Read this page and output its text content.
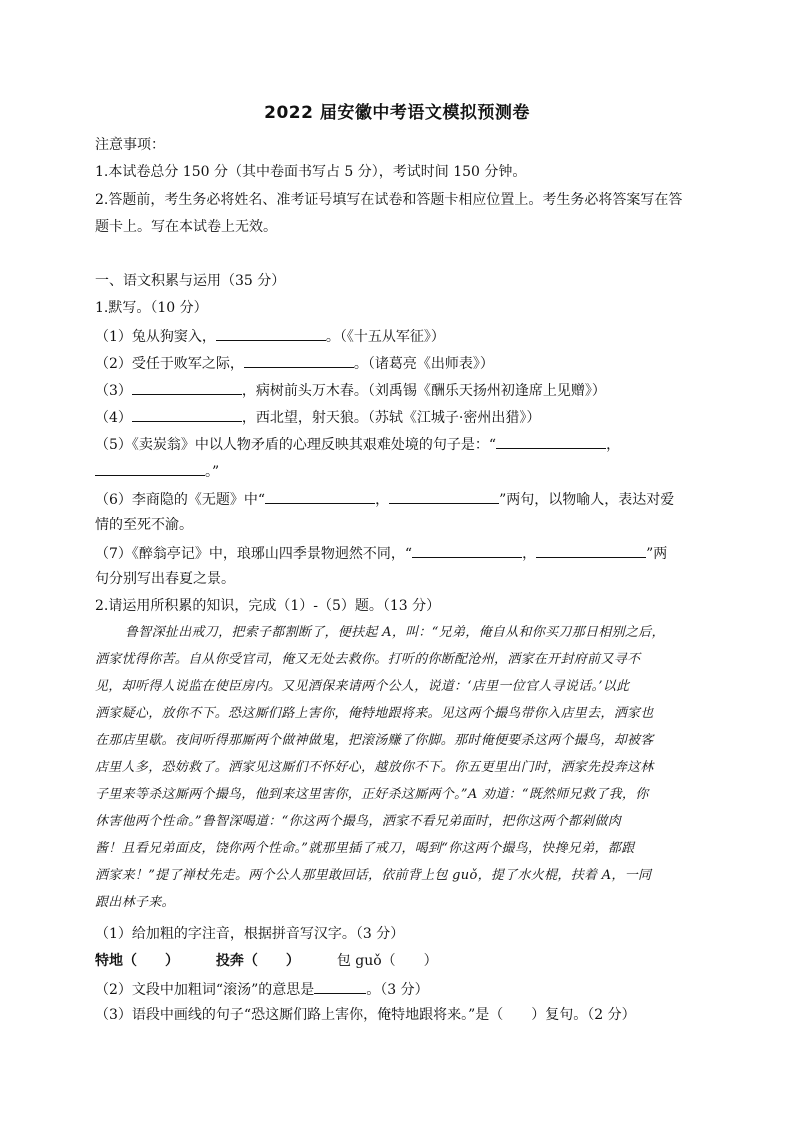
2022 届安徽中考语文模拟预测卷
注意事项：
1.本试卷总分 150 分（其中卷面书写占 5 分），考试时间 150 分钟。
2.答题前，考生务必将姓名、准考证号填写在试卷和答题卡相应位置上。考生务必将答案写在答
题卡上。写在本试卷上无效。
一、语文积累与运用（35 分）
1.默写。（10 分）
（1）兔从狗窦入，	。（《十五从军征》）
（2）受任于败军之际，	。（诸葛亮《出师表》）
（3）	，病树前头万木春。（刘禹锡《酬乐天扬州初逢席上见赠》）
（4）	，西北望，射天狼。（苏轼《江城子·密州出猎》）
（5）《卖炭翁》中以人物矛盾的心理反映其艰难处境的句子是：“	，
。”
（6）李商隐的《无题》中“	，	”两句，以物喻人，表达对爱
情的至死不渝。
（7）《醉翁亭记》中，琅琊山四季景物迥然不同，“	，	”两
句分别写出春夏之景。
2.请运用所积累的知识，完成（1）-（5）题。（13 分）
鲁智深扯出戒刀，把索子都割断了，便扶起 A，叫：“兄弟，俺自从和你买刀那日相别之后，
洒家忧得你苦。自从你受官司，俺又无处去救你。打听的你断配沧州，洒家在开封府前又寻不
见，却听得人说监在使臣房内。又见酒保来请两个公人，说道：‘店里一位官人寻说话。’以此
洒家疑心，放你不下。恐这厮们路上害你，俺特地跟将来。见这两个撮鸟带你入店里去，洒家也
在那店里歇。夜间听得那厮两个做神做鬼，把滚汤赚了你脚。那时俺便要杀这两个撮鸟，却被客
店里人多，恐妨救了。洒家见这厮们不怀好心，越放你不下。你五更里出门时，洒家先投奔这林
子里来等杀这厮两个撮鸟，他到来这里害你，正好杀这厮两个。”A 劝道：“既然师兄救了我，你
休害他两个性命。”鲁智深喝道：“你这两个撮鸟，洒家不看兄弟面时，把你这两个都剁做肉
酱！且看兄弟面皮，饶你两个性命。”就那里插了戒刀，喝到“你这两个撮鸟，快搀兄弟，都跟
洒家来！”提了禅杖先走。两个公人那里敢回话，依前背上包 guǒ，提了水火棍，扶着 A，一同
跟出林子来。
（1）给加粗的字注音，根据拼音写汉字。（3 分）
特地（　　）	投奔（　　）	包 guǒ（　　）
（2）文段中加粗词“滚汤”的意思是	。（3 分）
（3）语段中画线的句子“恐这厮们路上害你，俺特地跟将来。”是（　　）复句。（2 分）
